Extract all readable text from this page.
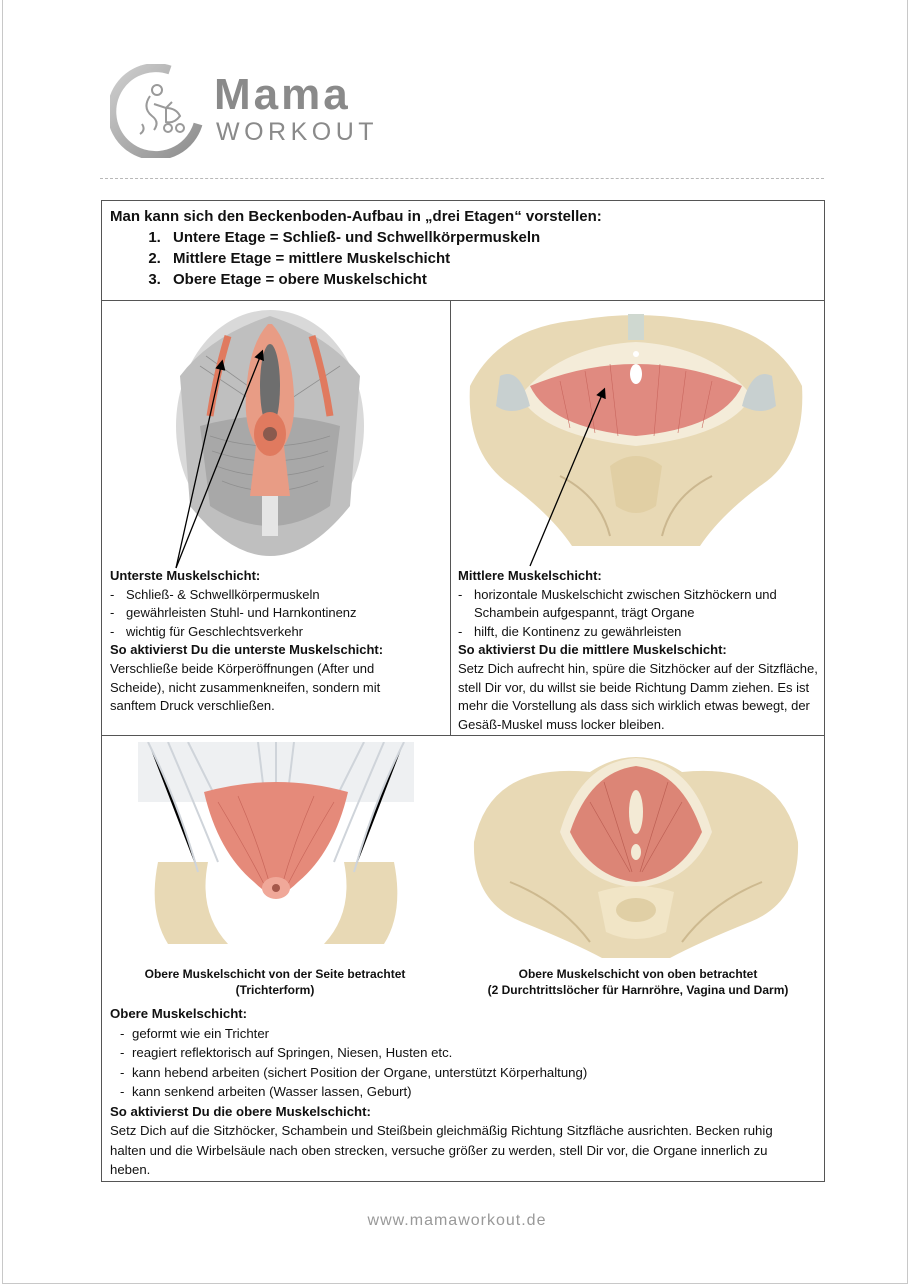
Mama
WORKOUT
Man kann sich den Beckenboden-Aufbau in „drei Etagen“ vorstellen:
1. Untere Etage = Schließ- und Schwellkörpermuskeln
2. Mittlere Etage = mittlere Muskelschicht
3. Obere Etage = obere Muskelschicht
Unterste Muskelschicht:
- Schließ- & Schwellkörpermuskeln
- gewährleisten Stuhl- und Harnkontinenz
- wichtig für Geschlechtsverkehr
So aktivierst Du die unterste Muskelschicht:
Verschließe beide Körperöffnungen (After und Scheide), nicht zusammenkneifen, sondern mit sanftem Druck verschließen.
Mittlere Muskelschicht:
- horizontale Muskelschicht zwischen Sitzhöckern und Schambein aufgespannt, trägt Organe
- hilft, die Kontinenz zu gewährleisten
So aktivierst Du die mittlere Muskelschicht:
Setz Dich aufrecht hin, spüre die Sitzhöcker auf der Sitzfläche, stell Dir vor, du willst sie beide Richtung Damm ziehen. Es ist mehr die Vorstellung als dass sich wirklich etwas bewegt, der Gesäß-Muskel muss locker bleiben.
Obere Muskelschicht von der Seite betrachtet
(Trichterform)
Obere Muskelschicht von oben betrachtet
(2 Durchtrittslöcher für Harnröhre, Vagina und Darm)
Obere Muskelschicht:
- geformt wie ein Trichter
- reagiert reflektorisch auf Springen, Niesen, Husten etc.
- kann hebend arbeiten (sichert Position der Organe, unterstützt Körperhaltung)
- kann senkend arbeiten (Wasser lassen, Geburt)
So aktivierst Du die obere Muskelschicht:
Setz Dich auf die Sitzhöcker, Schambein und Steißbein gleichmäßig Richtung Sitzfläche ausrichten. Becken ruhig halten und die Wirbelsäule nach oben strecken, versuche größer zu werden, stell Dir vor, die Organe innerlich zu heben.
www.mamaworkout.de
